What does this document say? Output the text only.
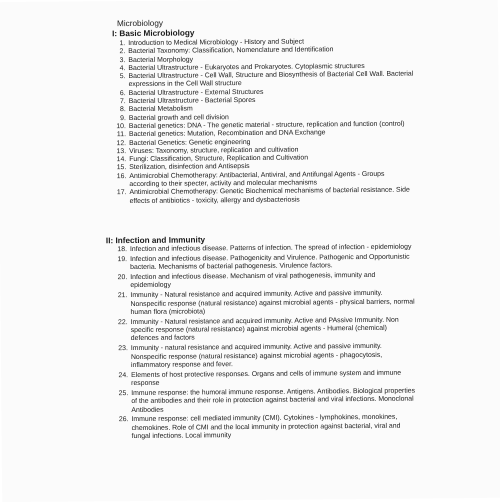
Microbiology

I: Basic Microbiology

1. Introduction to Medical Microbiology - History and Subject
2. Bacterial Taxonomy: Classification, Nomenclature and Identification
3. Bacterial Morphology
4. Bacterial Ultrastructure - Eukaryotes and Prokaryotes. Cytoplasmic structures
5. Bacterial Ultrastructure - Cell Wall, Structure and Biosynthesis of Bacterial Cell Wall. Bacterial expressions in the Cell Wall structure
6. Bacterial Ultrastructure - External Structures
7. Bacterial Ultrastructure - Bacterial Spores
8. Bacterial Metabolism
9. Bacterial growth and cell division
10. Bacterial genetics: DNA - The genetic material - structure, replication and function (control)
11. Bacterial genetics: Mutation, Recombination and DNA Exchange
12. Bacterial Genetics: Genetic engineering
13. Viruses: Taxonomy, structure, replication and cultivation
14. Fungi: Classification, Structure, Replication and Cultivation
15. Sterilization, disinfection and Antisepsis
16. Antimicrobial Chemotherapy: Antibacterial, Antiviral, and Antifungal Agents - Groups according to their specter, activity and molecular mechanisms
17. Antimicrobial Chemotherapy: Genetic Biochemical mechanisms of bacterial resistance. Side effects of antibiotics - toxicity, allergy and dysbacteriosis

II: Infection and Immunity

18. Infection and infectious disease. Patterns of infection. The spread of infection - epidemiology
19. Infection and infectious disease. Pathogenicity and Virulence. Pathogenic and Opportunistic bacteria. Mechanisms of bacterial pathogenesis. Virulence factors.
20. Infection and infectious disease. Mechanism of viral pathogenesis, immunity and epidemiology
21. Immunity - Natural resistance and acquired immunity. Active and passive immunity. Nonspecific response (natural resistance) against microbial agents - physical barriers, normal human flora (microbiota)
22. Immunity - Natural resistance and acquired immunity. Active and PAssive Immunity. Non specific response (natural resistance) against microbial agents - Humeral (chemical) defences and factors
23. Immunity - natural resistance and acquired immunity. Active and passive immunity. Nonspecific response (natural resistance) against microbial agents - phagocytosis, inflammatory response and fever.
24. Elements of host protective responses. Organs and cells of immune system and immune response
25. Immune response: the humoral immune response. Antigens. Antibodies. Biological properties of the antibodies and their role in protection against bacterial and viral infections. Monoclonal Antibodies
26. Immune response: cell mediated immunity (CMI). Cytokines - lymphokines, monokines, chemokines. Role of CMI and the local immunity in protection against bacterial, viral and fungal infections. Local immunity
